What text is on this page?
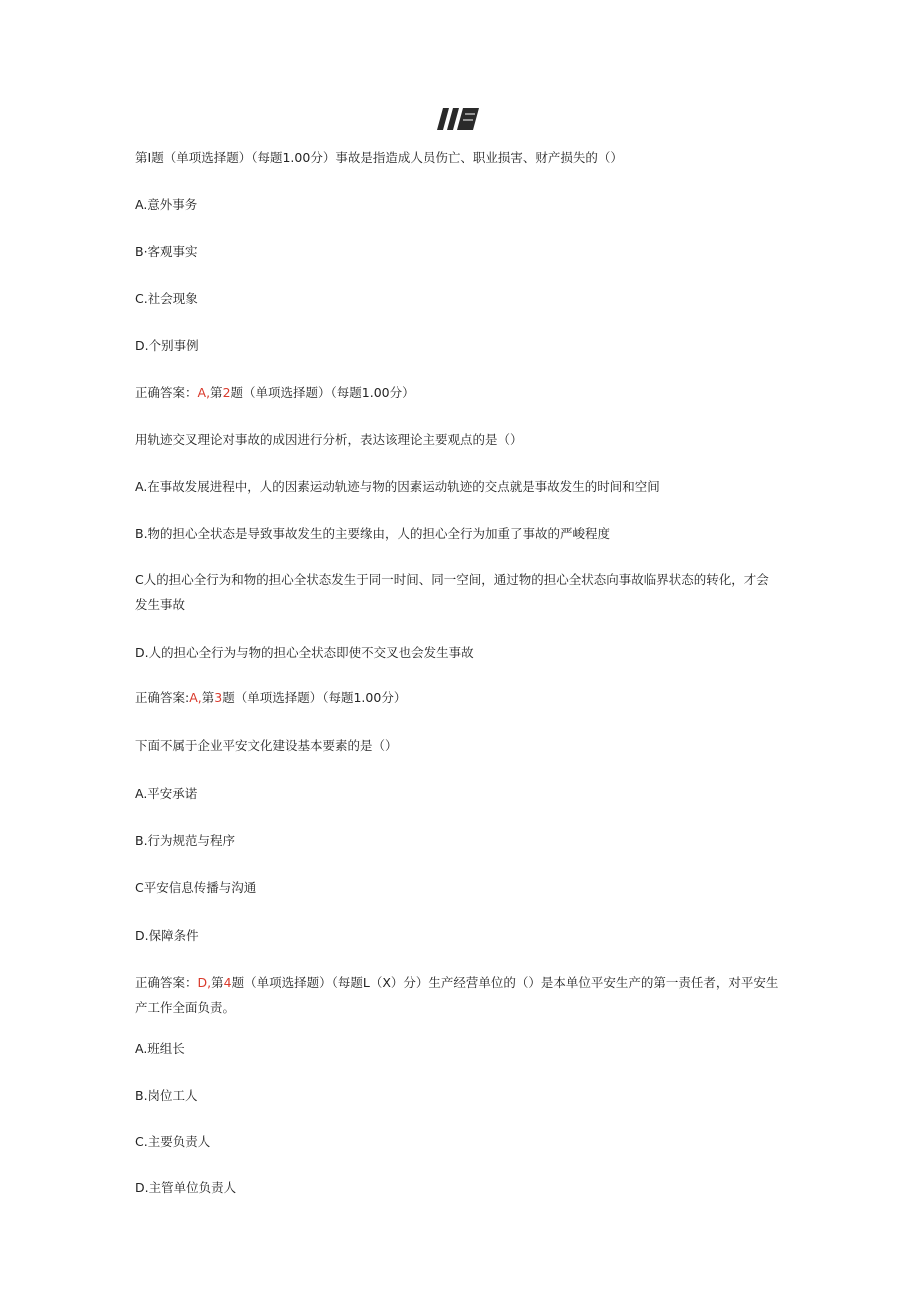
第I题（单项选择题）（每题1.00分）事故是指造成人员伤亡、职业损害、财产损失的（）
A.意外事务
B·客观事实
C.社会现象
D.个别事例
正确答案：A,第2题（单项选择题）（每题1.00分）
用轨迹交叉理论对事故的成因进行分析，表达该理论主要观点的是（）
A.在事故发展进程中，人的因素运动轨迹与物的因素运动轨迹的交点就是事故发生的时间和空间
B.物的担心全状态是导致事故发生的主要缘由，人的担心全行为加重了事故的严峻程度
C人的担心全行为和物的担心全状态发生于同一时间、同一空间，通过物的担心全状态向事故临界状态的转化，才会发生事故
D.人的担心全行为与物的担心全状态即使不交叉也会发生事故
正确答案:A,第3题（单项选择题）（每题1.00分）
下面不属于企业平安文化建设基本要素的是（）
A.平安承诺
B.行为规范与程序
C平安信息传播与沟通
D.保障条件
正确答案：D,第4题（单项选择题）（每题L（X）分）生产经营单位的（）是本单位平安生产的第一责任者，对平安生产工作全面负责。
A.班组长
B.岗位工人
C.主要负责人
D.主管单位负责人
